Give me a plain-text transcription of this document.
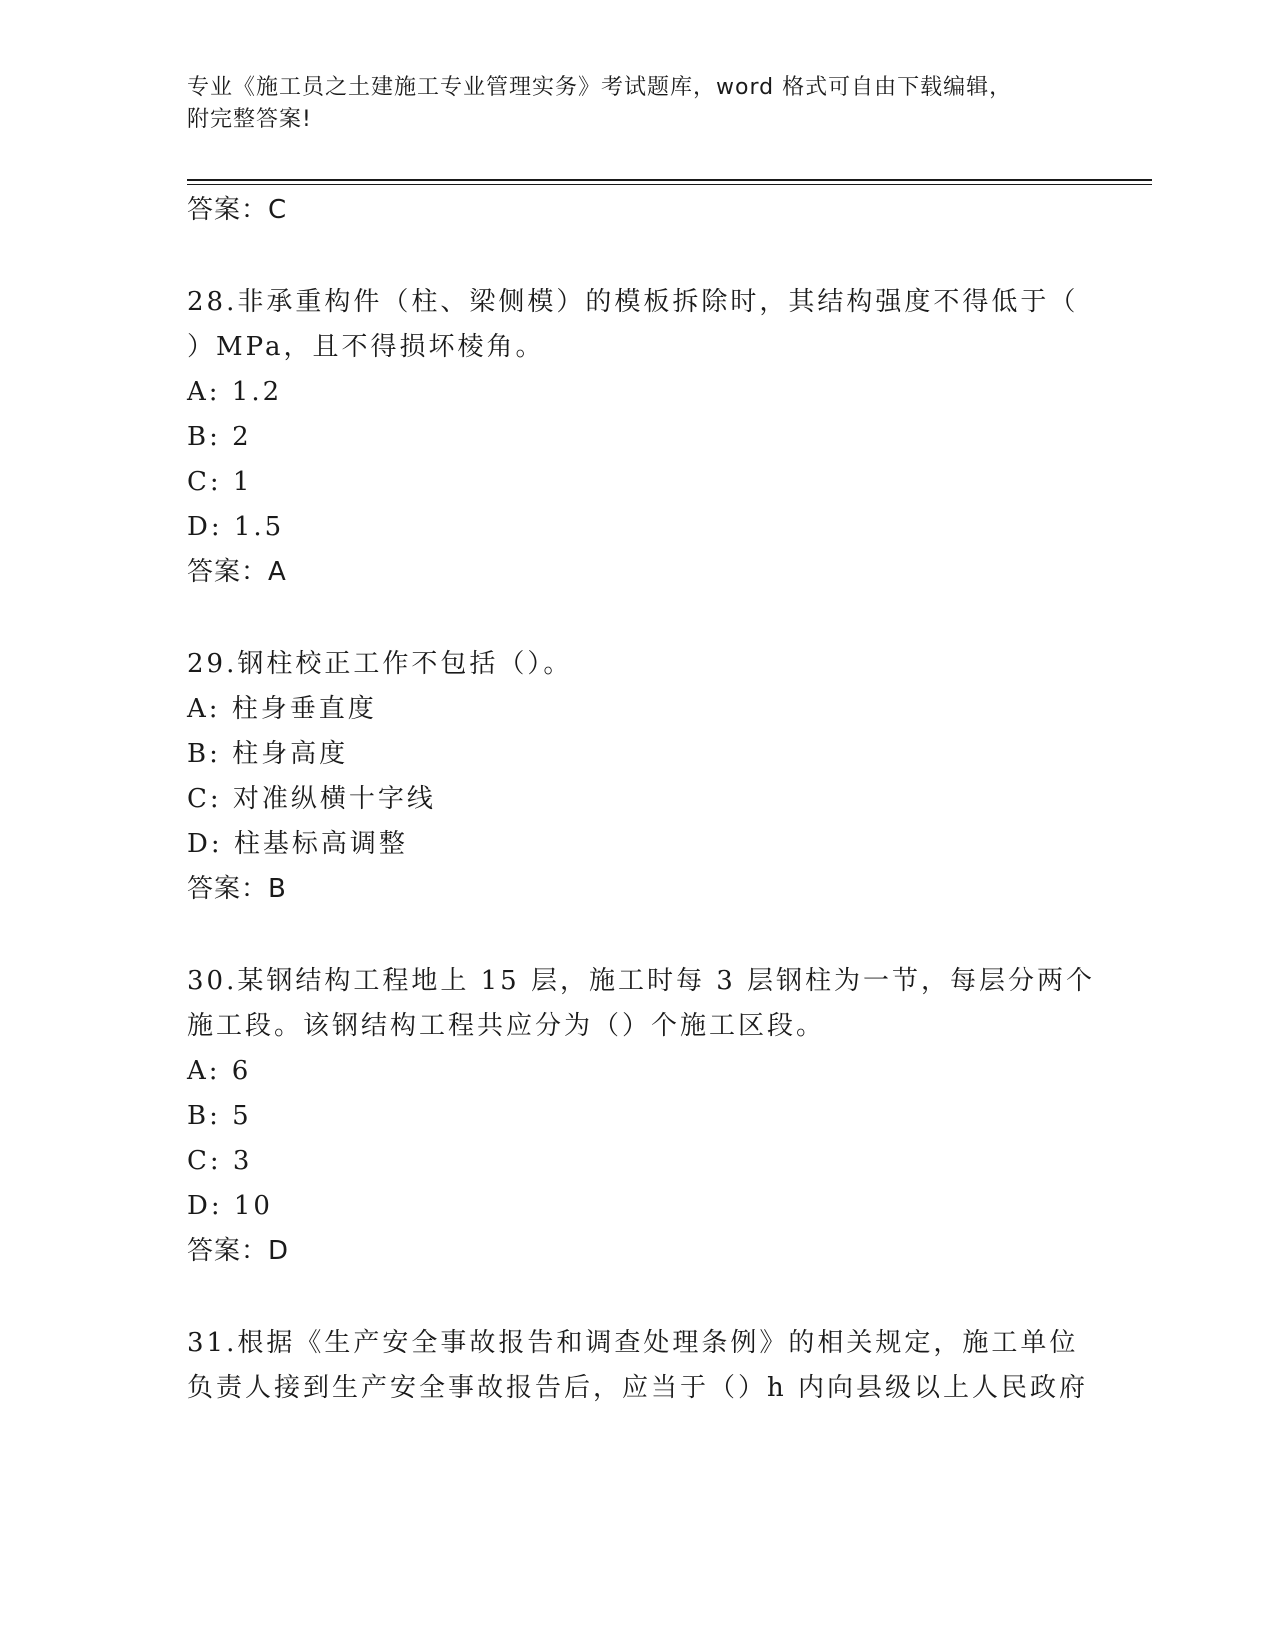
专业《施工员之土建施工专业管理实务》考试题库，word 格式可自由下载编辑，
附完整答案!
答案：C
28.非承重构件（柱、梁侧模）的模板拆除时，其结构强度不得低于（
）MPa，且不得损坏棱角。
A: 1.2
B: 2
C: 1
D: 1.5
答案：A
29.钢柱校正工作不包括（）。
A: 柱身垂直度
B: 柱身高度
C: 对准纵横十字线
D: 柱基标高调整
答案：B
30.某钢结构工程地上 15 层，施工时每 3 层钢柱为一节，每层分两个
施工段。该钢结构工程共应分为（）个施工区段。
A: 6
B: 5
C: 3
D: 10
答案：D
31.根据《生产安全事故报告和调查处理条例》的相关规定，施工单位
负责人接到生产安全事故报告后，应当于（）h 内向县级以上人民政府
